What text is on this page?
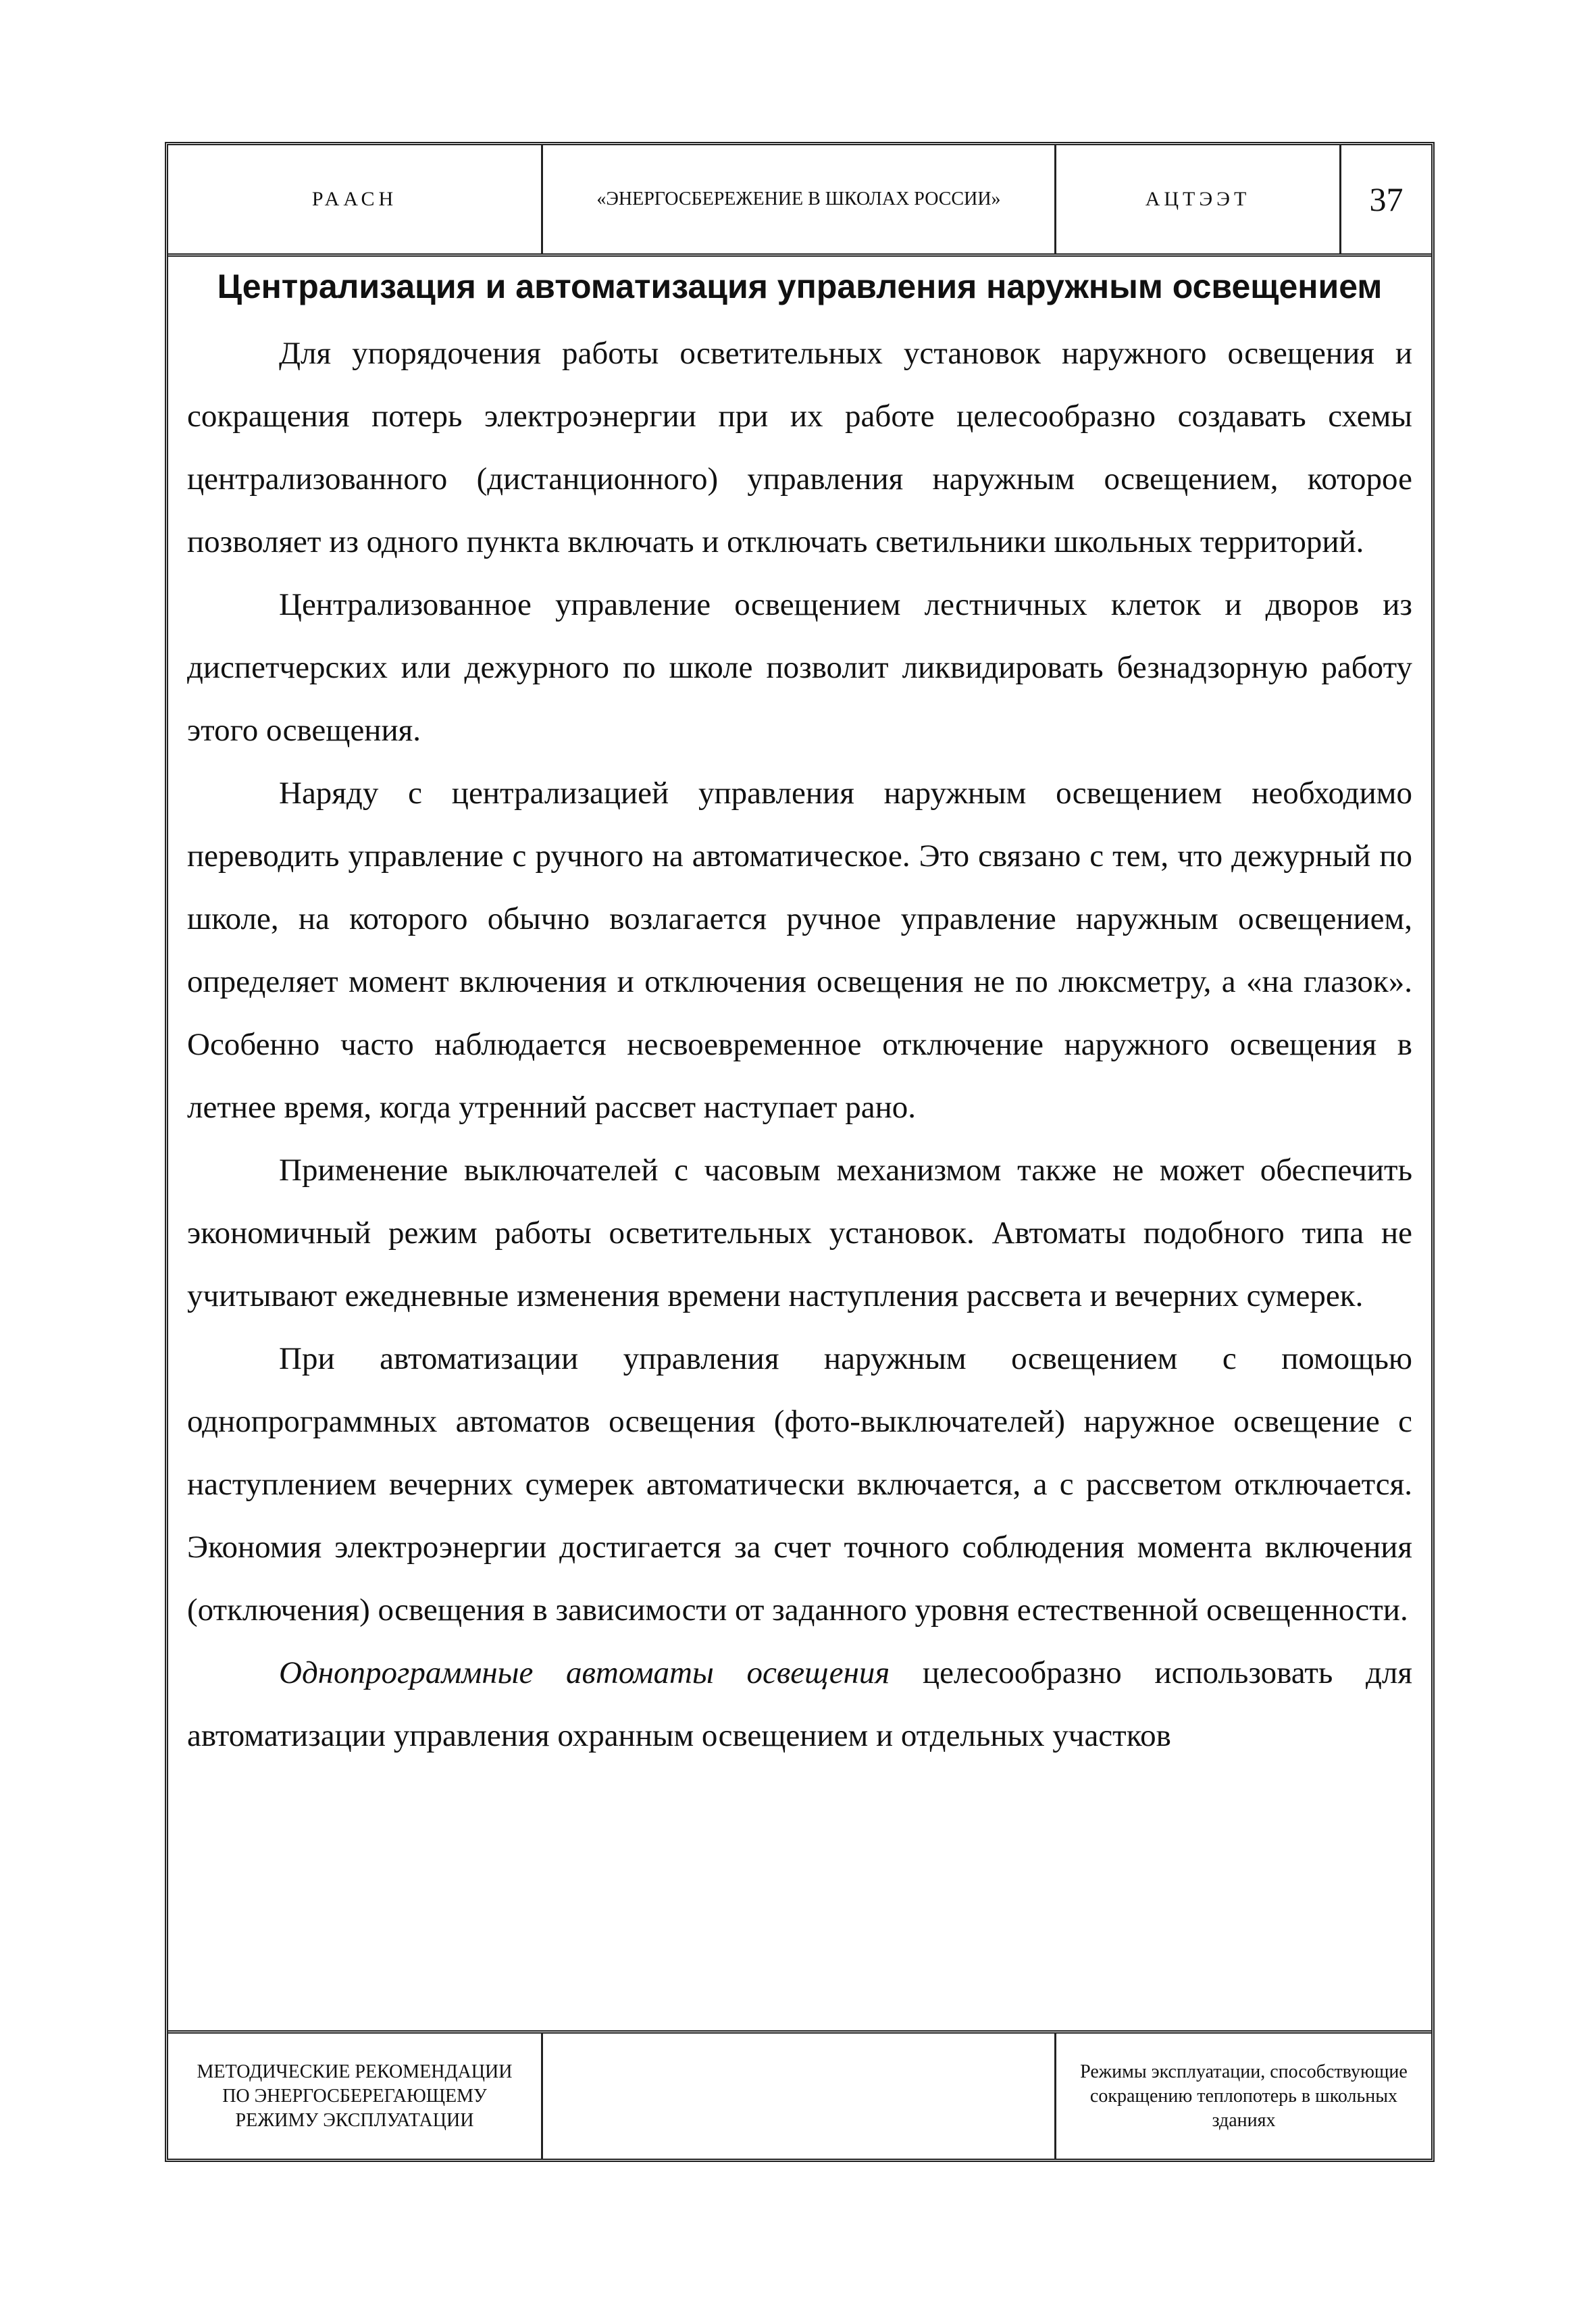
РААСН	«ЭНЕРГОСБЕРЕЖЕНИЕ В ШКОЛАХ РОССИИ»	АЦТЭЭТ	37
Централизация и автоматизация управления наружным освещением

Для упорядочения работы осветительных установок наружного освещения и сокращения потерь электроэнергии при их работе целесообразно создавать схемы централизованного (дистанционного) управления наружным освещением, которое позволяет из одного пункта включать и отключать светильники школьных территорий.

Централизованное управление освещением лестничных клеток и дворов из диспетчерских или дежурного по школе позволит ликвидировать безнадзорную работу этого освещения.

Наряду с централизацией управления наружным освещением необходимо переводить управление с ручного на автоматическое. Это связано с тем, что дежурный по школе, на которого обычно возлагается ручное управление наружным освещением, определяет момент включения и отключения освещения не по люксметру, а «на глазок». Особенно часто наблюдается несвоевременное отключение наружного освещения в летнее время, когда утренний рассвет наступает рано.

Применение выключателей с часовым механизмом также не может обеспечить экономичный режим работы осветительных установок. Автоматы подобного типа не учитывают ежедневные изменения времени наступления рассвета и вечерних сумерек.

При автоматизации управления наружным освещением с помощью однопрограммных автоматов освещения (фото-выключателей) наружное освещение с наступлением вечерних сумерек автоматически включается, а с рассветом отключается. Экономия электроэнергии достигается за счет точного соблюдения момента включения (отключения) освещения в зависимости от заданного уровня естественной освещенности.

Однопрограммные автоматы освещения целесообразно использовать для автоматизации управления охранным освещением и отдельных участков

МЕТОДИЧЕСКИЕ РЕКОМЕНДАЦИИ ПО ЭНЕРГОСБЕРЕГАЮЩЕМУ РЕЖИМУ ЭКСПЛУАТАЦИИ
Режимы эксплуатации, способствующие сокращению теплопотерь в школьных зданиях
